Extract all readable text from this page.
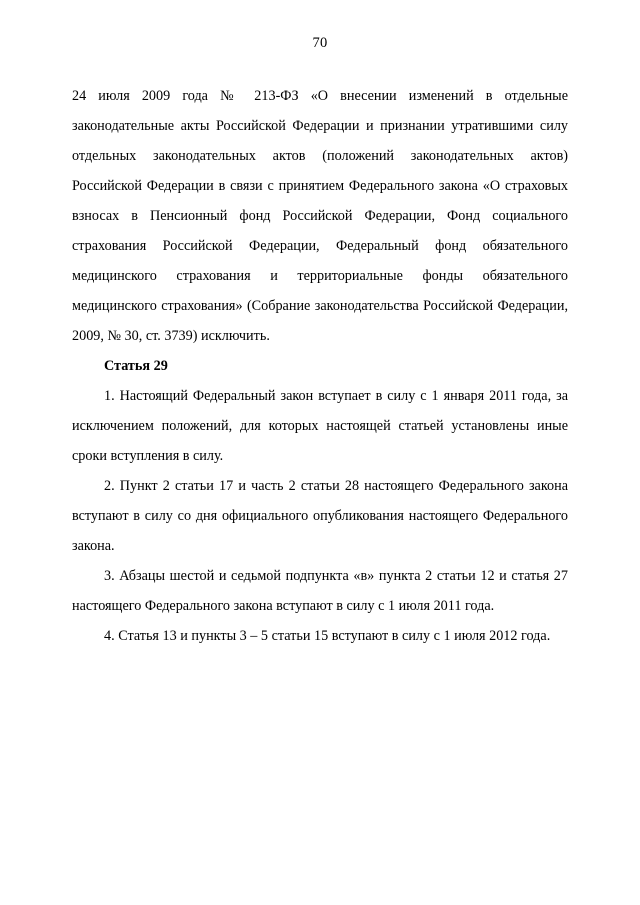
70

24 июля 2009 года № 213-ФЗ «О внесении изменений в отдельные законодательные акты Российской Федерации и признании утратившими силу отдельных законодательных актов (положений законодательных актов) Российской Федерации в связи с принятием Федерального закона «О страховых взносах в Пенсионный фонд Российской Федерации, Фонд социального страхования Российской Федерации, Федеральный фонд обязательного медицинского страхования и территориальные фонды обязательного медицинского страхования» (Собрание законодательства Российской Федерации, 2009, № 30, ст. 3739) исключить.

Статья 29

1. Настоящий Федеральный закон вступает в силу с 1 января 2011 года, за исключением положений, для которых настоящей статьей установлены иные сроки вступления в силу.

2. Пункт 2 статьи 17 и часть 2 статьи 28 настоящего Федерального закона вступают в силу со дня официального опубликования настоящего Федерального закона.

3. Абзацы шестой и седьмой подпункта «в» пункта 2 статьи 12 и статья 27 настоящего Федерального закона вступают в силу с 1 июля 2011 года.

4. Статья 13 и пункты 3 – 5 статьи 15 вступают в силу с 1 июля 2012 года.
